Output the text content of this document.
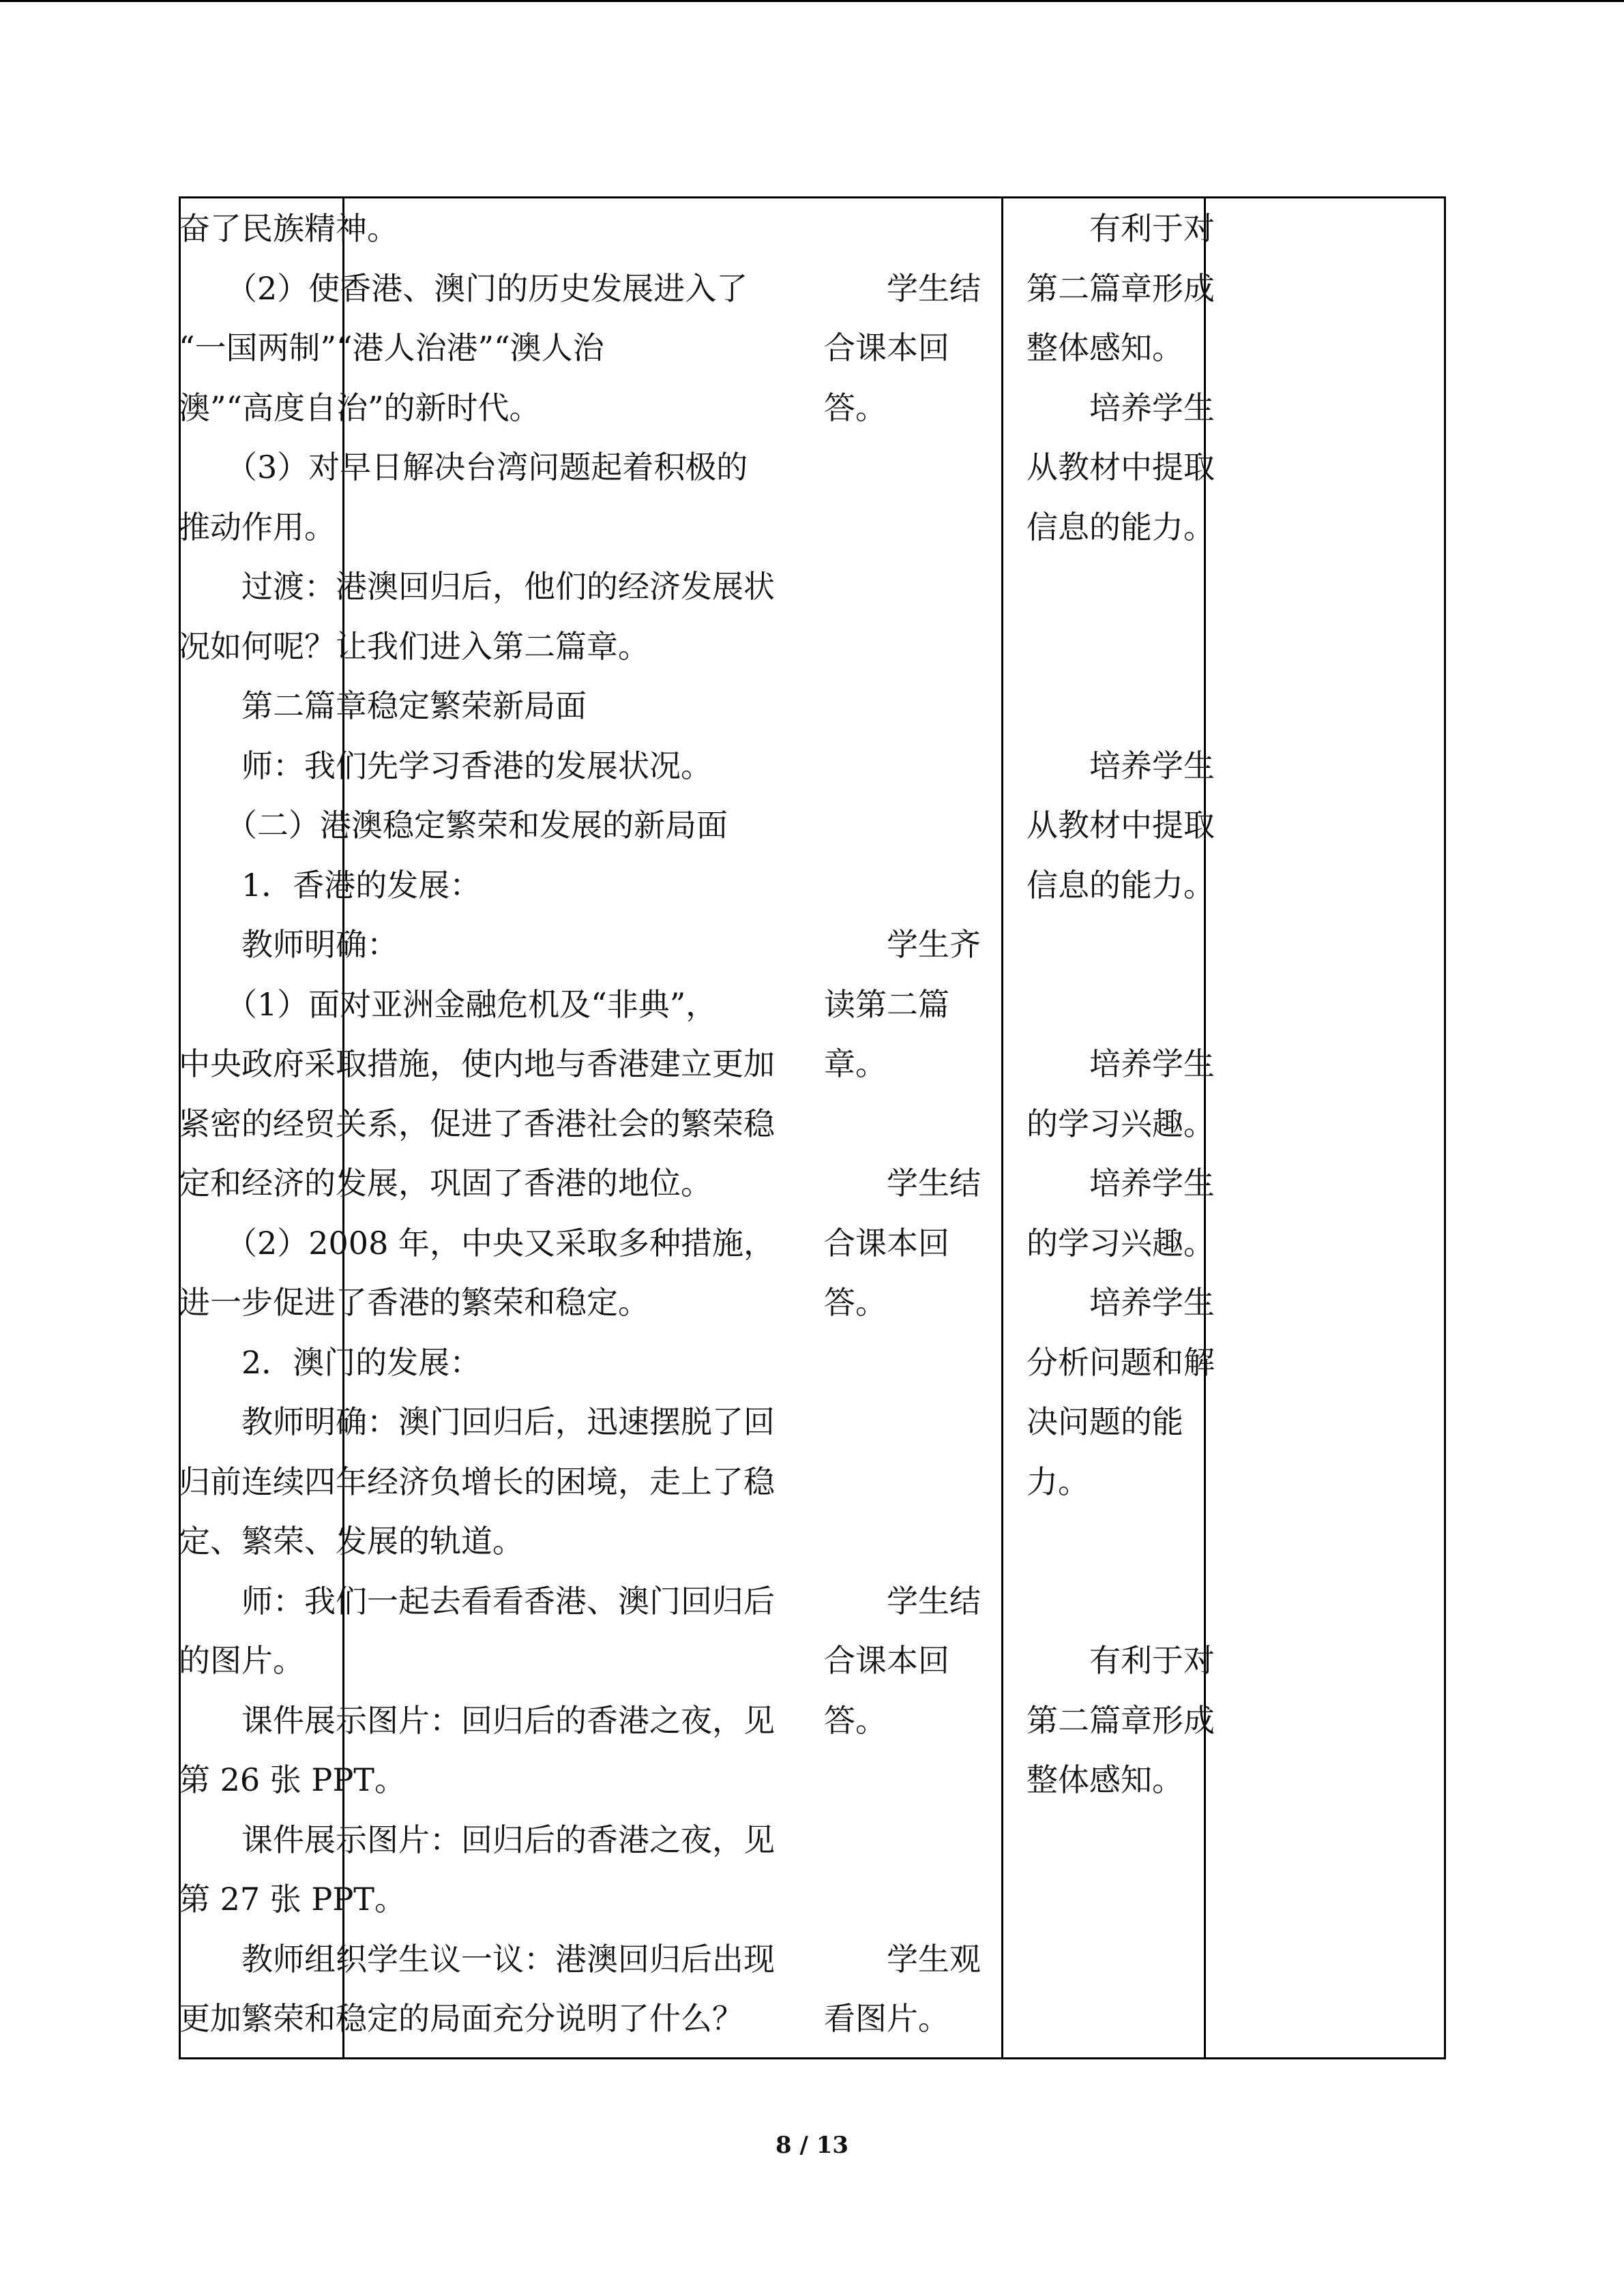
奋了民族精神。
　　（2）使香港、澳门的历史发展进入了
“一国两制”“港人治港”“澳人治
澳”“高度自治”的新时代。
　　（3）对早日解决台湾问题起着积极的
推动作用。
　　过渡：港澳回归后，他们的经济发展状
况如何呢？让我们进入第二篇章。
　　第二篇章稳定繁荣新局面
　　师：我们先学习香港的发展状况。
　　（二）港澳稳定繁荣和发展的新局面
　　1．香港的发展：
　　教师明确：
　　（1）面对亚洲金融危机及“非典”，
中央政府采取措施，使内地与香港建立更加
紧密的经贸关系，促进了香港社会的繁荣稳
定和经济的发展，巩固了香港的地位。
　　（2）2008 年，中央又采取多种措施，
进一步促进了香港的繁荣和稳定。
　　2．澳门的发展：
　　教师明确：澳门回归后，迅速摆脱了回
归前连续四年经济负增长的困境，走上了稳
定、繁荣、发展的轨道。
　　师：我们一起去看看香港、澳门回归后
的图片。
　　课件展示图片：回归后的香港之夜，见
第 26 张 PPT。
　　课件展示图片：回归后的香港之夜，见
第 27 张 PPT。
　　教师组织学生议一议：港澳回归后出现
更加繁荣和稳定的局面充分说明了什么？
　　学生结
合课本回
答。
　　学生齐
读第二篇
章。
　　学生结
合课本回
答。
　　学生结
合课本回
答。
　　学生观
看图片。
　　有利于对
第二篇章形成
整体感知。
　　培养学生
从教材中提取
信息的能力。
　　培养学生
从教材中提取
信息的能力。
　　培养学生
的学习兴趣。
　　培养学生
的学习兴趣。
　　培养学生
分析问题和解
决问题的能
力。
　　有利于对
第二篇章形成
整体感知。
8 / 13
